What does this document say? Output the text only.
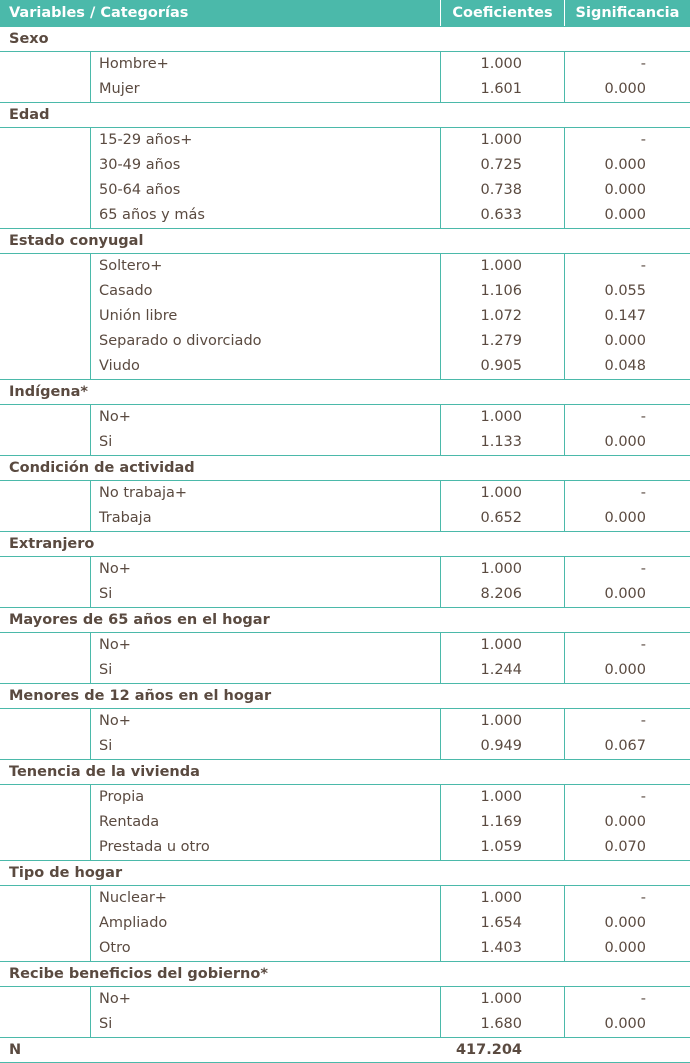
Variables / Categorías	Coeficientes	Significancia
Sexo
Hombre+	1.000	-
Mujer	1.601	0.000
Edad
15-29 años+	1.000	-
30-49 años	0.725	0.000
50-64 años	0.738	0.000
65 años y más	0.633	0.000
Estado conyugal
Soltero+	1.000	-
Casado	1.106	0.055
Unión libre	1.072	0.147
Separado o divorciado	1.279	0.000
Viudo	0.905	0.048
Indígena*
No+	1.000	-
Si	1.133	0.000
Condición de actividad
No trabaja+	1.000	-
Trabaja	0.652	0.000
Extranjero
No+	1.000	-
Si	8.206	0.000
Mayores de 65 años en el hogar
No+	1.000	-
Si	1.244	0.000
Menores de 12 años en el hogar
No+	1.000	-
Si	0.949	0.067
Tenencia de la vivienda
Propia	1.000	-
Rentada	1.169	0.000
Prestada u otro	1.059	0.070
Tipo de hogar
Nuclear+	1.000	-
Ampliado	1.654	0.000
Otro	1.403	0.000
Recibe beneficios del gobierno*
No+	1.000	-
Si	1.680	0.000
N	417.204
